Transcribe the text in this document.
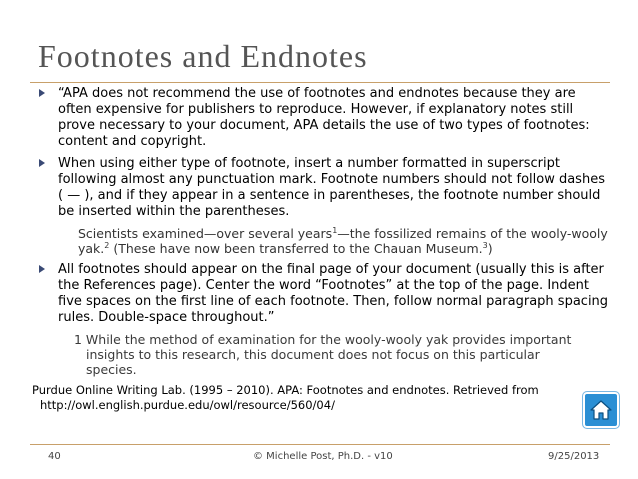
Footnotes and Endnotes
“APA does not recommend the use of footnotes and endnotes because they are often expensive for publishers to reproduce. However, if explanatory notes still prove necessary to your document, APA details the use of two types of footnotes: content and copyright.
When using either type of footnote, insert a number formatted in superscript following almost any punctuation mark. Footnote numbers should not follow dashes ( — ), and if they appear in a sentence in parentheses, the footnote number should be inserted within the parentheses.
Scientists examined—over several years$^1$—the fossilized remains of the wooly-wooly yak.$^2$ (These have now been transferred to the Chauan Museum.$^3$)
All footnotes should appear on the final page of your document (usually this is after the References page). Center the word “Footnotes” at the top of the page. Indent five spaces on the first line of each footnote. Then, follow normal paragraph spacing rules. Double-space throughout.”
1 While the method of examination for the wooly-wooly yak provides important insights to this research, this document does not focus on this particular species.
Purdue Online Writing Lab. (1995 – 2010). APA: Footnotes and endnotes. Retrieved from http://owl.english.purdue.edu/owl/resource/560/04/
40	© Michelle Post, Ph.D. - v10	9/25/2013
